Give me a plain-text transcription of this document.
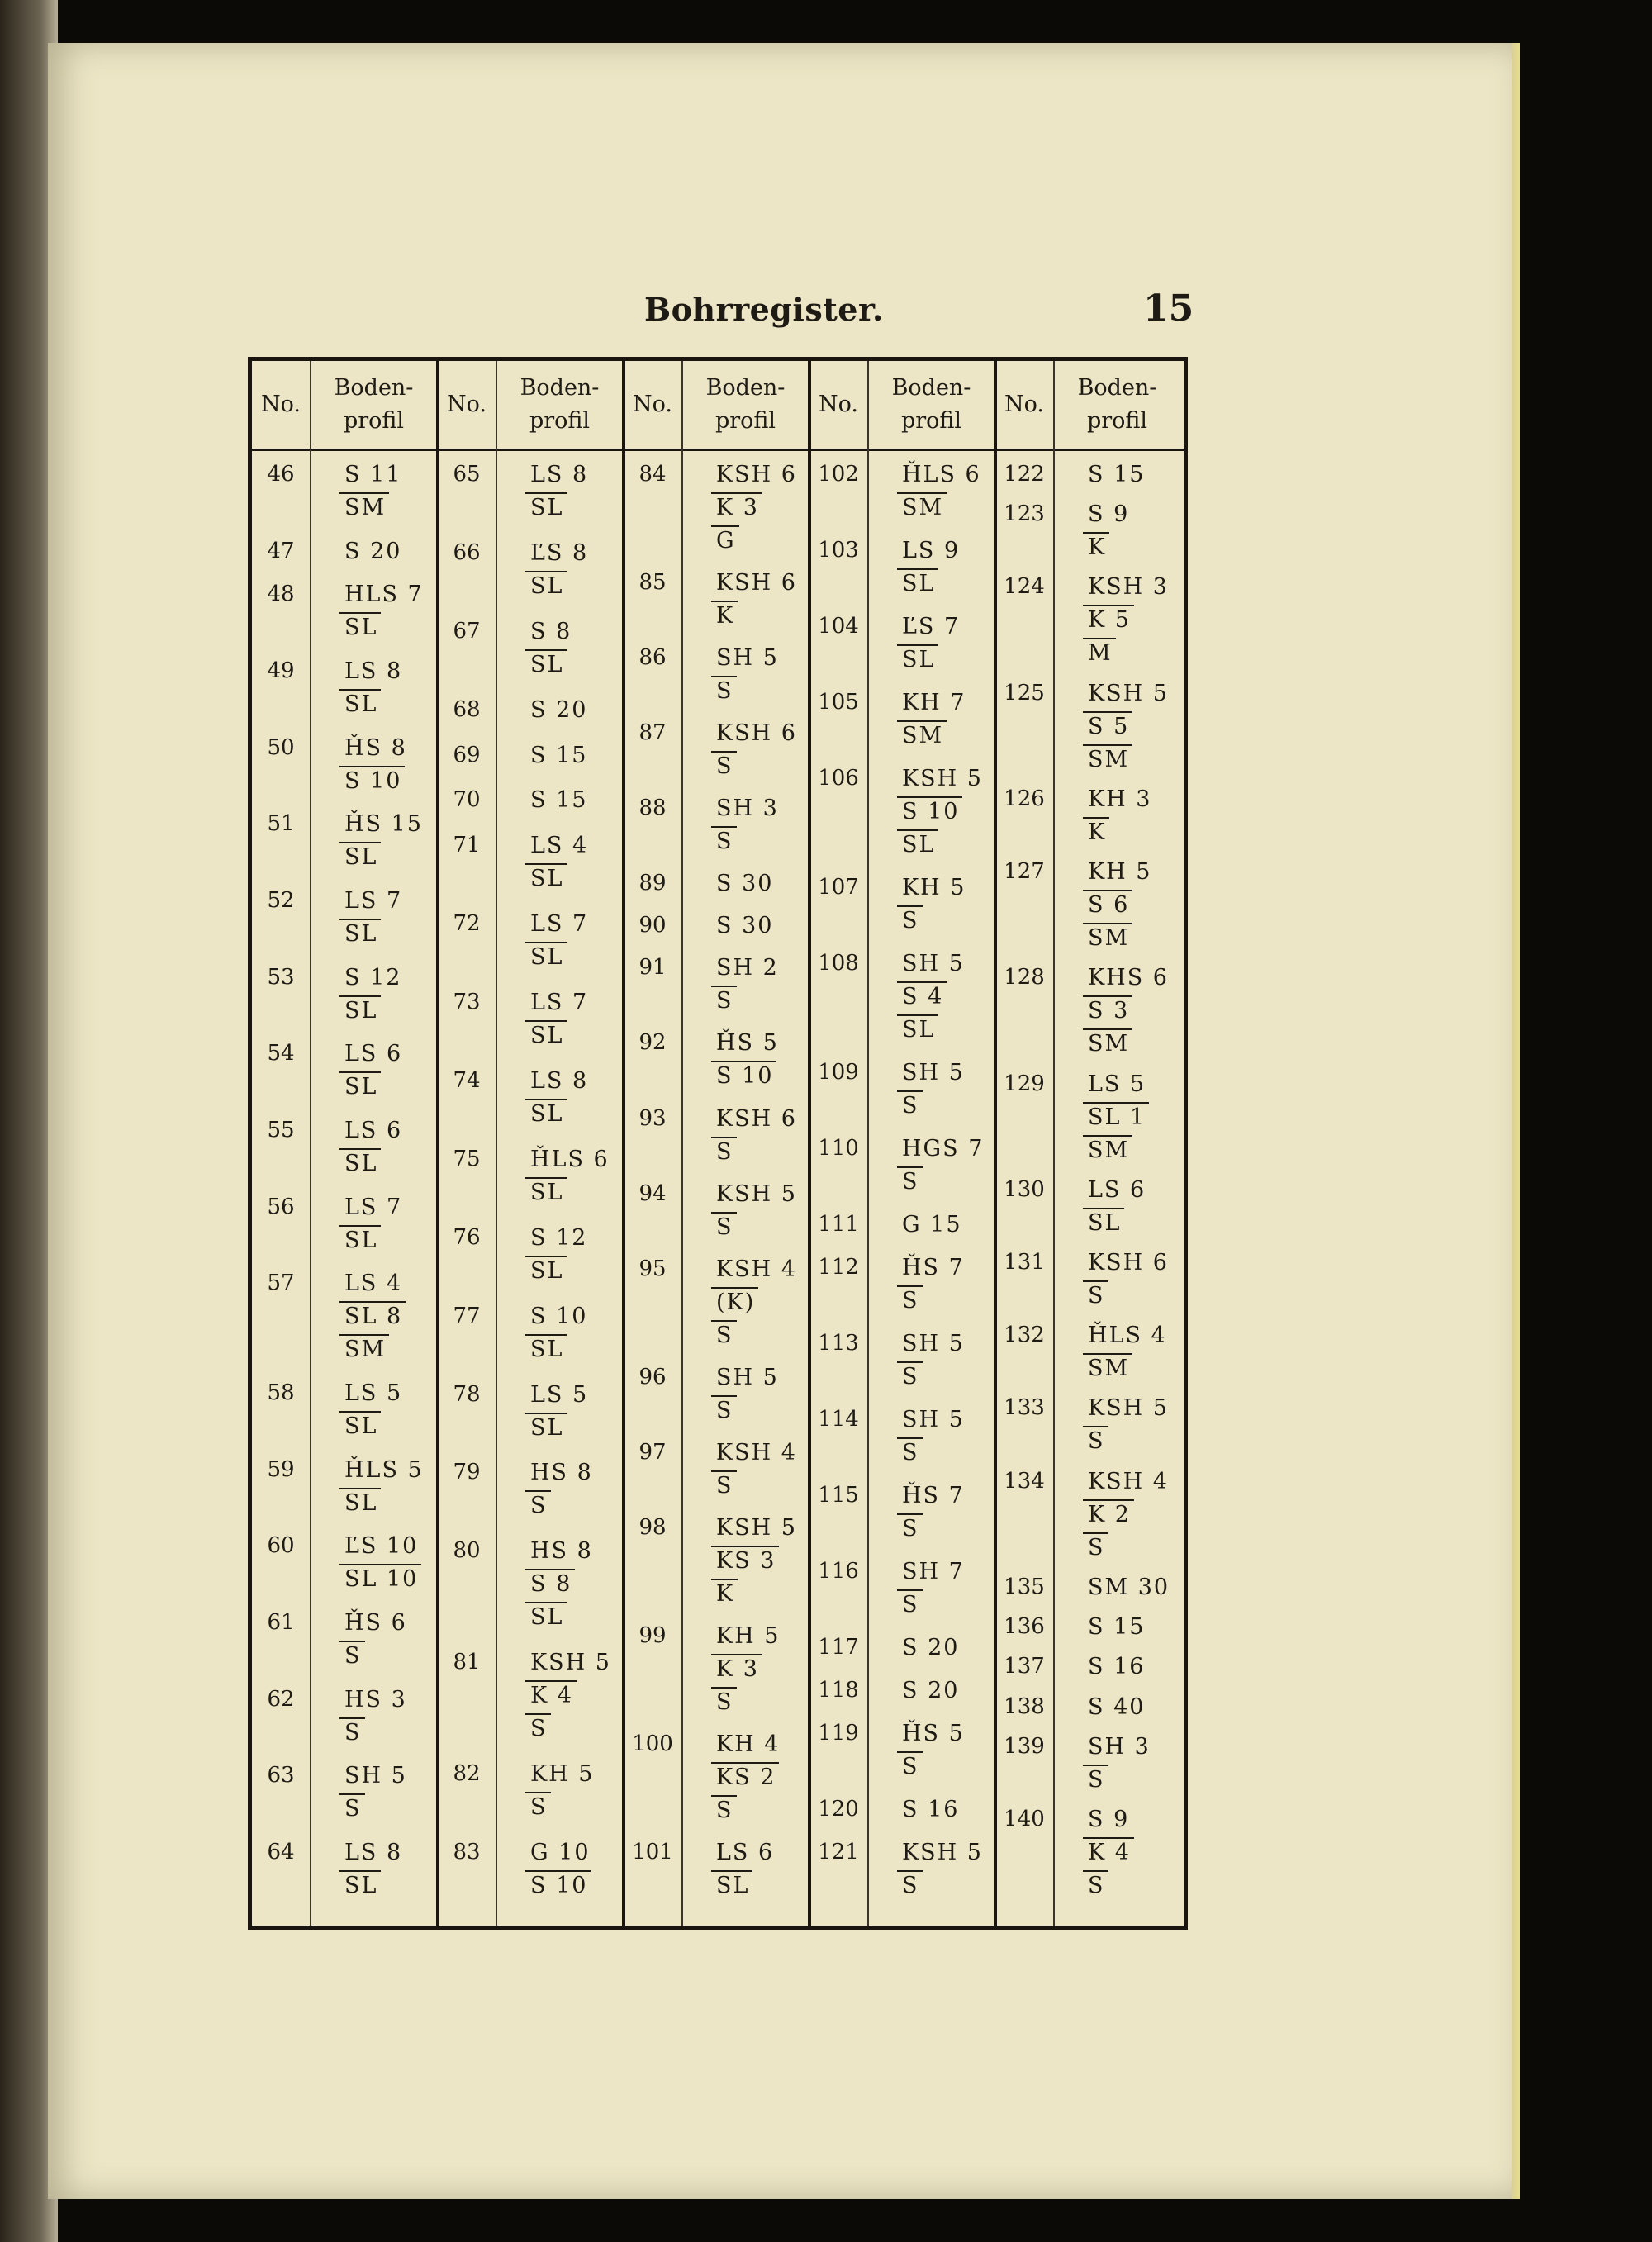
Bohrregister.	15
No.
Boden-
profil
No.
Boden-
profil
No.
Boden-
profil
No.
Boden-
profil
No.
Boden-
profil
46	S 11
SM
47	S 20
48	HLS 7
SL
49	LS 8
SL
50	ȞS 8
S 10
51	ȞS 15
SL
52	LS 7
SL
53	S 12
SL
54	LS 6
SL
55	LS 6
SL
56	LS 7
SL
57	LS 4
SL 8
SM
58	LS 5
SL
59	ȞLS 5
SL
60	ĽS 10
SL 10
61	ȞS 6
S
62	HS 3
S
63	SH 5
S
64	LS 8
SL
65	LS 8
SL
66	ĽS 8
SL
67	S 8
SL
68	S 20
69	S 15
70	S 15
71	LS 4
SL
72	LS 7
SL
73	LS 7
SL
74	LS 8
SL
75	ȞLS 6
SL
76	S 12
SL
77	S 10
SL
78	LS 5
SL
79	HS 8
S
80	HS 8
S 8
SL
81	KSH 5
K 4
S
82	KH 5
S
83	G 10
S 10
84	KSH 6
K 3
G
85	KSH 6
K
86	SH 5
S
87	KSH 6
S
88	SH 3
S
89	S 30
90	S 30
91	SH 2
S
92	ȞS 5
S 10
93	KSH 6
S
94	KSH 5
S
95	KSH 4
(K)
S
96	SH 5
S
97	KSH 4
S
98	KSH 5
KS 3
K
99	KH 5
K 3
S
100 KH 4
KS 2
S
101 LS 6
SL
102 ȞLS 6
SM
103 LS 9
SL
104 ĽS 7
SL
105 KH 7
SM
106 KSH 5
S 10
SL
107 KH 5
S
108 SH 5
S 4
SL
109 SH 5
S
110 HGS 7
S
111 G 15
112 ȞS 7
S
113 SH 5
S
114 SH 5
S
115 ȞS 7
S
116 SH 7
S
117 S 20
118 S 20
119 ȞS 5
S
120 S 16
121 KSH 5
S
122 S 15
123 S 9
K
124 KSH 3
K 5
M
125 KSH 5
S 5
SM
126 KH 3
K
127 KH 5
S 6
SM
128 KHS 6
S 3
SM
129 LS 5
SL 1
SM
130 LS 6
SL
131 KSH 6
S
132 ȞLS 4
SM
133 KSH 5
S
134 KSH 4
K 2
S
135 SM 30
136 S 15
137 S 16
138 S 40
139 SH 3
S
140 S 9
K 4
S
